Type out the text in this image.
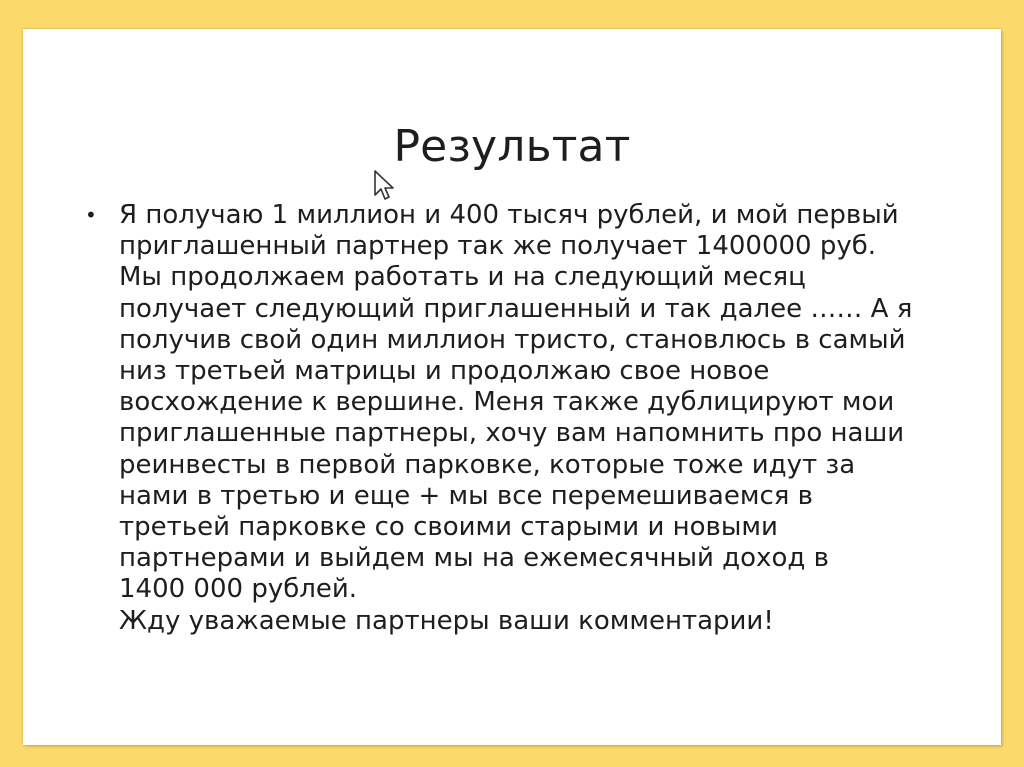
Результат
• Я получаю 1 миллион и 400 тысяч рублей, и мой первый
приглашенный партнер так же получает 1400000 руб.
Мы продолжаем работать и на следующий месяц
получает следующий приглашенный и так далее …… А я
получив свой один миллион тристо, становлюсь в самый
низ третьей матрицы и продолжаю свое новое
восхождение к вершине. Меня также дублицируют мои
приглашенные партнеры, хочу вам напомнить про наши
реинвесты в первой парковке, которые тоже идут за
нами в третью и еще + мы все перемешиваемся в
третьей парковке со своими старыми и новыми
партнерами и выйдем мы на ежемесячный доход в
1400 000 рублей.
Жду уважаемые партнеры ваши комментарии!
